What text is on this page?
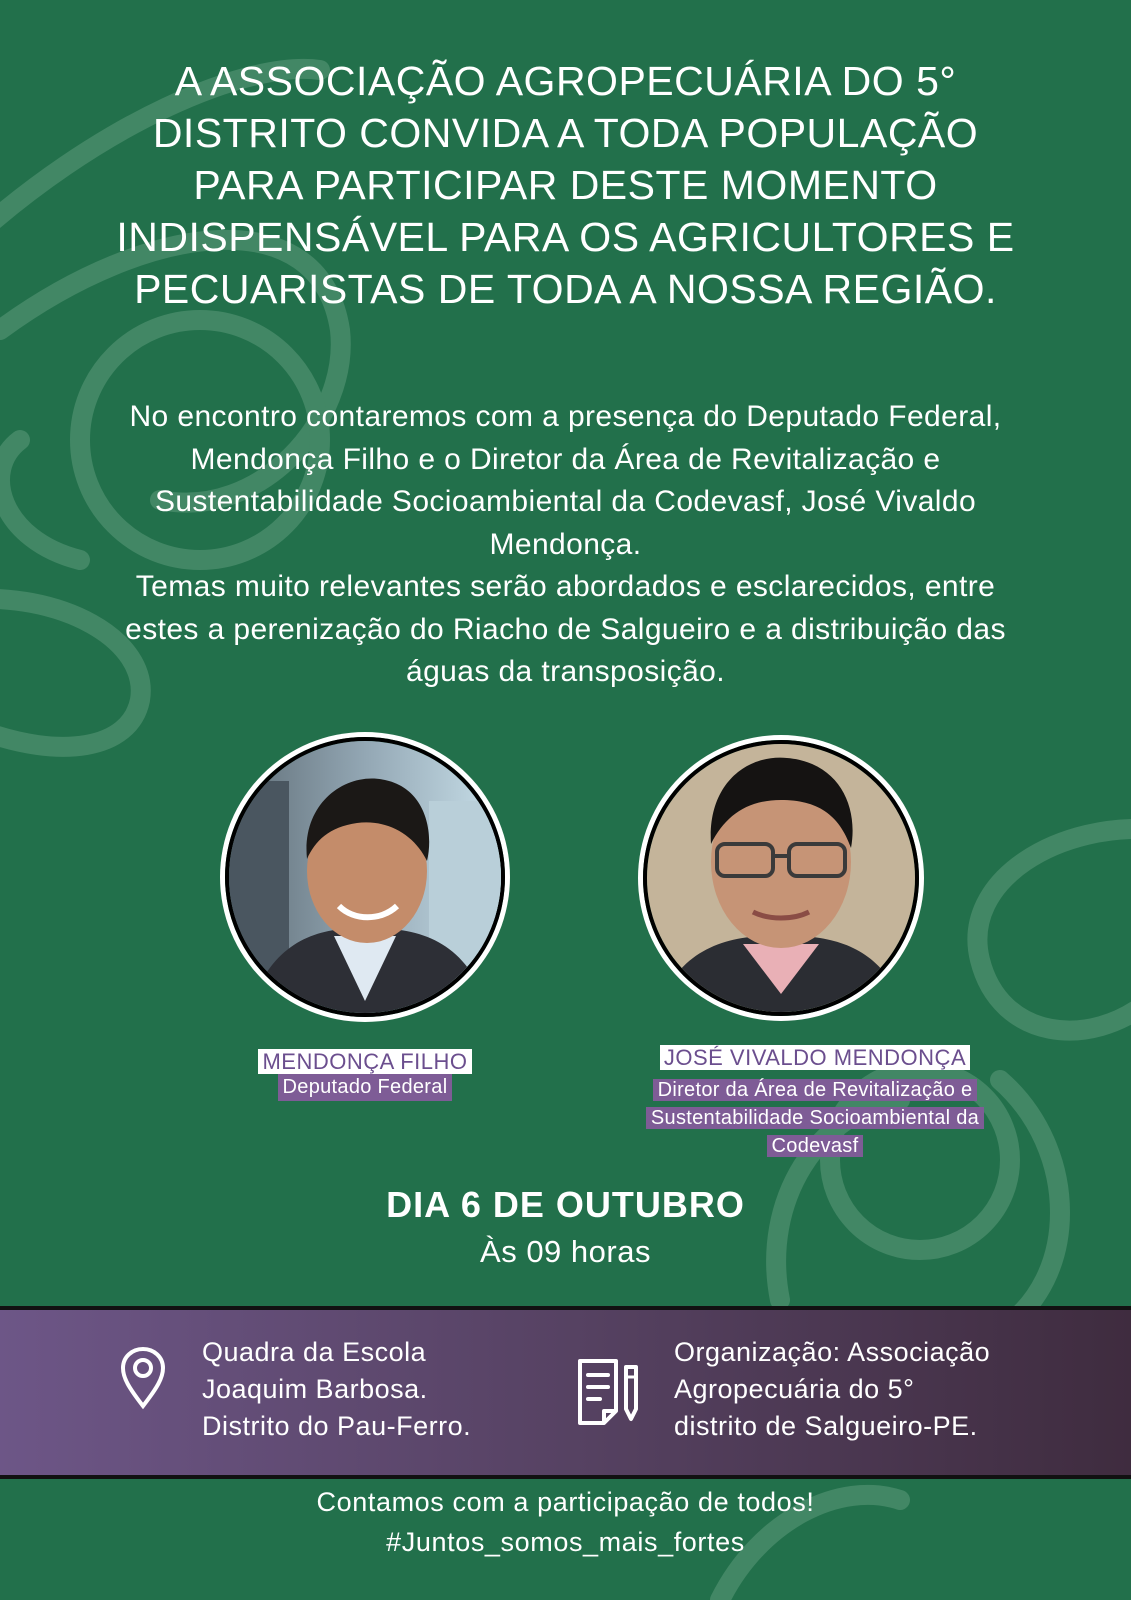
A ASSOCIAÇÃO AGROPECUÁRIA DO 5° DISTRITO CONVIDA A TODA POPULAÇÃO PARA PARTICIPAR DESTE MOMENTO INDISPENSÁVEL PARA OS AGRICULTORES E PECUARISTAS DE TODA A NOSSA REGIÃO.

No encontro contaremos com a presença do Deputado Federal, Mendonça Filho e o Diretor da Área de Revitalização e Sustentabilidade Socioambiental da Codevasf, José Vivaldo Mendonça.

Temas muito relevantes serão abordados e esclarecidos, entre estes a perenização do Riacho de Salgueiro e a distribuição das águas da transposição.

MENDONÇA FILHO
Deputado Federal
JOSÉ VIVALDO MENDONÇA
Diretor da Área de Revitalização e Sustentabilidade Socioambiental da Codevasf
DIA 6 DE OUTUBRO
Às 09 horas
Quadra da Escola
Joaquim Barbosa.
Distrito do Pau-Ferro.
Organização: Associação
Agropecuária do 5°
distrito de Salgueiro-PE.
Contamos com a participação de todos!
#Juntos_somos_mais_fortes
